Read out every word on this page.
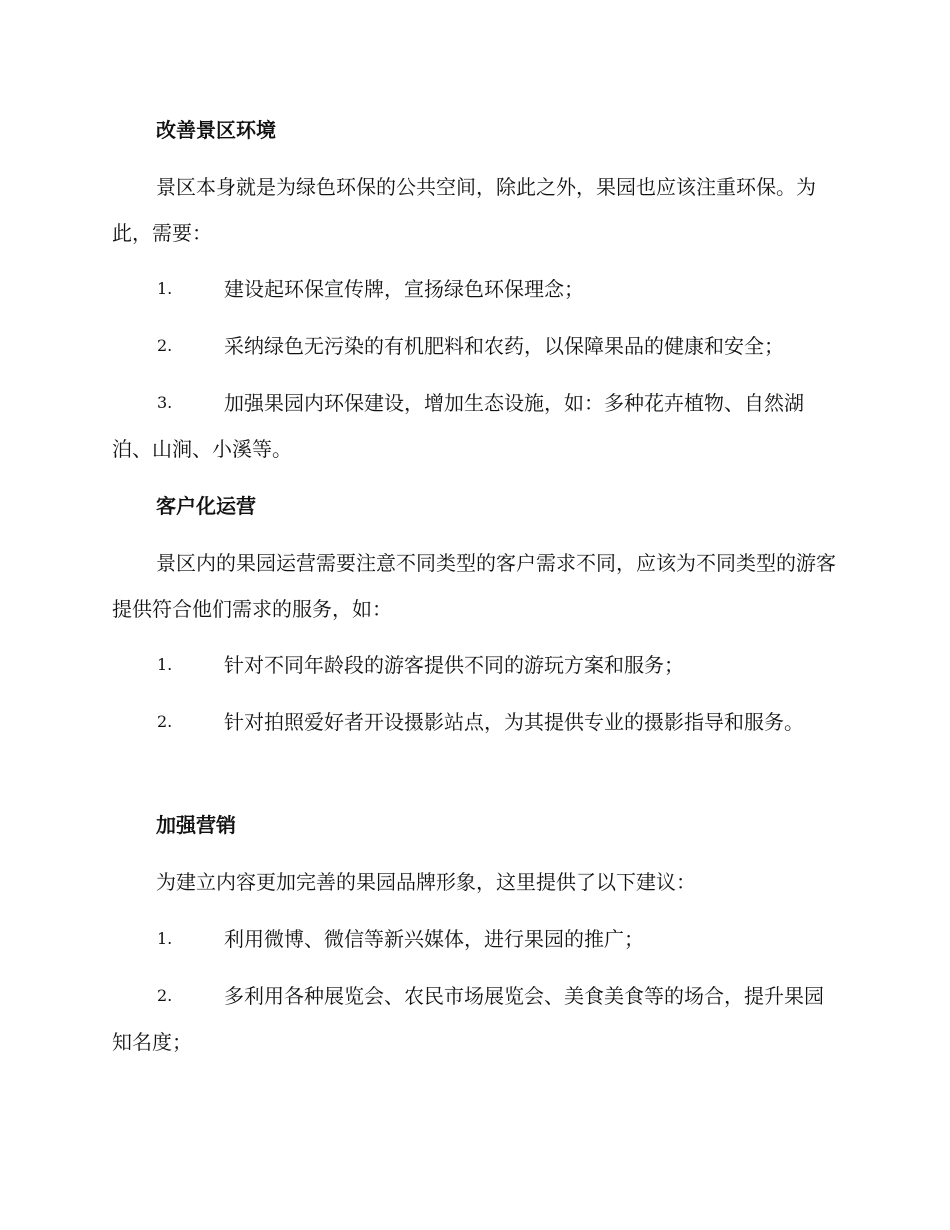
改善景区环境
景区本身就是为绿色环保的公共空间，除此之外，果园也应该注重环保。为此，需要：
1.	建设起环保宣传牌，宣扬绿色环保理念；
2.	采纳绿色无污染的有机肥料和农药，以保障果品的健康和安全；
3.	加强果园内环保建设，增加生态设施，如：多种花卉植物、自然湖泊、山涧、小溪等。
客户化运营
景区内的果园运营需要注意不同类型的客户需求不同，应该为不同类型的游客提供符合他们需求的服务，如：
1.	针对不同年龄段的游客提供不同的游玩方案和服务；
2.	针对拍照爱好者开设摄影站点，为其提供专业的摄影指导和服务。
加强营销
为建立内容更加完善的果园品牌形象，这里提供了以下建议：
1.	利用微博、微信等新兴媒体，进行果园的推广；
2.	多利用各种展览会、农民市场展览会、美食美食等的场合，提升果园知名度；
